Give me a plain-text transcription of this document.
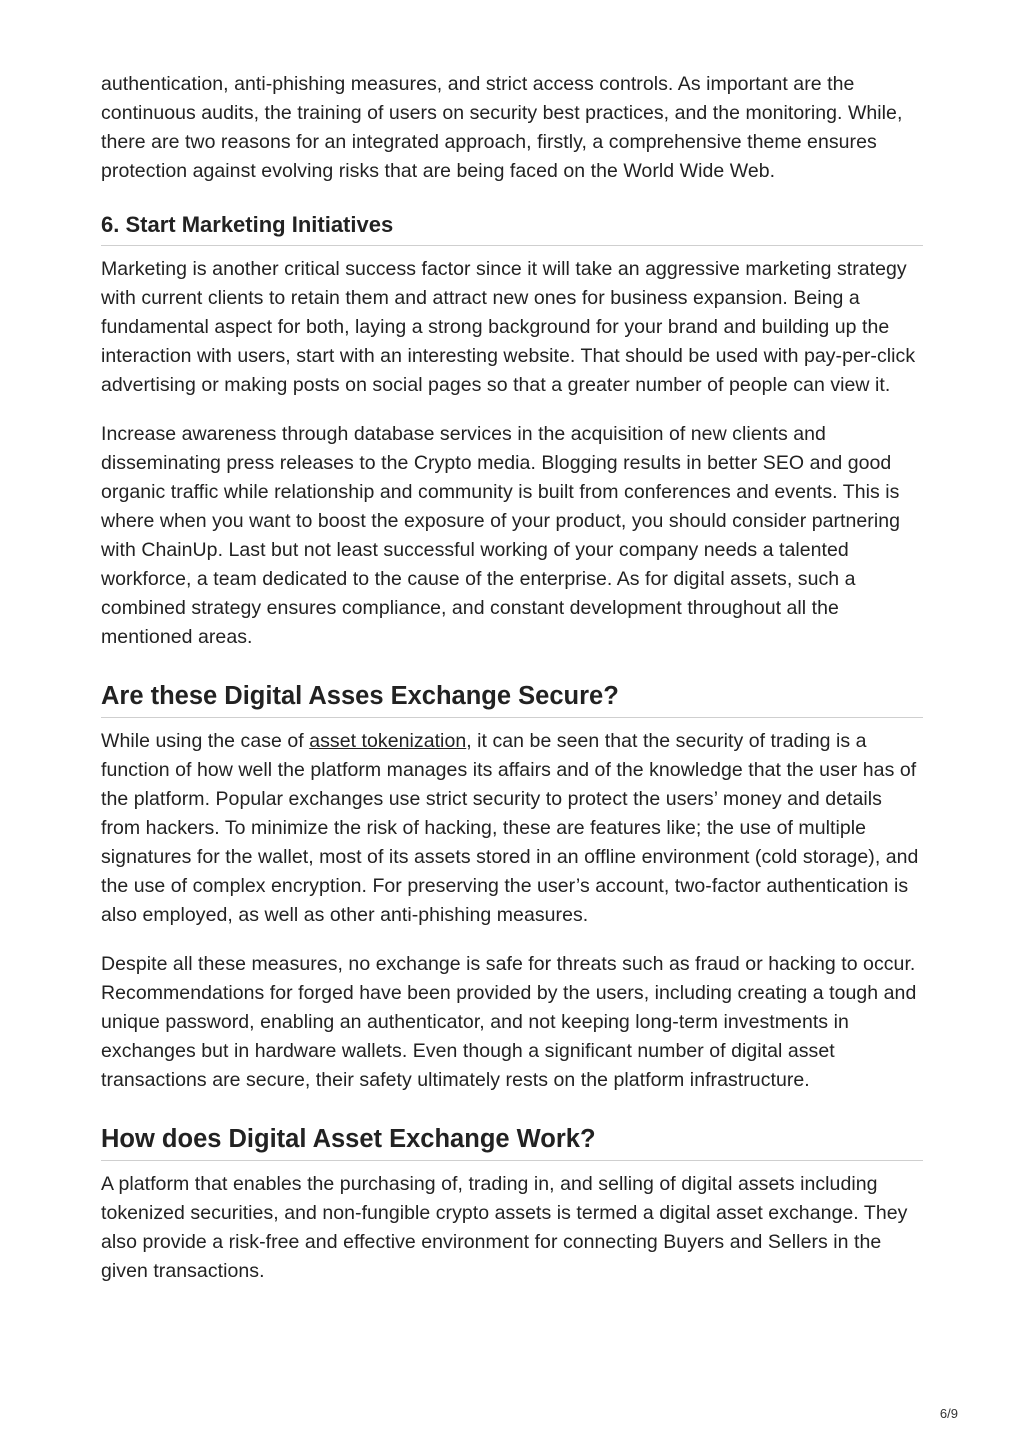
authentication, anti-phishing measures, and strict access controls. As important are the continuous audits, the training of users on security best practices, and the monitoring. While, there are two reasons for an integrated approach, firstly, a comprehensive theme ensures protection against evolving risks that are being faced on the World Wide Web.

6. Start Marketing Initiatives

Marketing is another critical success factor since it will take an aggressive marketing strategy with current clients to retain them and attract new ones for business expansion. Being a fundamental aspect for both, laying a strong background for your brand and building up the interaction with users, start with an interesting website. That should be used with pay-per-click advertising or making posts on social pages so that a greater number of people can view it.

Increase awareness through database services in the acquisition of new clients and disseminating press releases to the Crypto media. Blogging results in better SEO and good organic traffic while relationship and community is built from conferences and events. This is where when you want to boost the exposure of your product, you should consider partnering with ChainUp. Last but not least successful working of your company needs a talented workforce, a team dedicated to the cause of the enterprise. As for digital assets, such a combined strategy ensures compliance, and constant development throughout all the mentioned areas.

Are these Digital Asses Exchange Secure?

While using the case of asset tokenization, it can be seen that the security of trading is a function of how well the platform manages its affairs and of the knowledge that the user has of the platform. Popular exchanges use strict security to protect the users’ money and details from hackers. To minimize the risk of hacking, these are features like; the use of multiple signatures for the wallet, most of its assets stored in an offline environment (cold storage), and the use of complex encryption. For preserving the user’s account, two-factor authentication is also employed, as well as other anti-phishing measures.

Despite all these measures, no exchange is safe for threats such as fraud or hacking to occur. Recommendations for forged have been provided by the users, including creating a tough and unique password, enabling an authenticator, and not keeping long-term investments in exchanges but in hardware wallets. Even though a significant number of digital asset transactions are secure, their safety ultimately rests on the platform infrastructure.

How does Digital Asset Exchange Work?

A platform that enables the purchasing of, trading in, and selling of digital assets including tokenized securities, and non-fungible crypto assets is termed a digital asset exchange. They also provide a risk-free and effective environment for connecting Buyers and Sellers in the given transactions.

6/9
